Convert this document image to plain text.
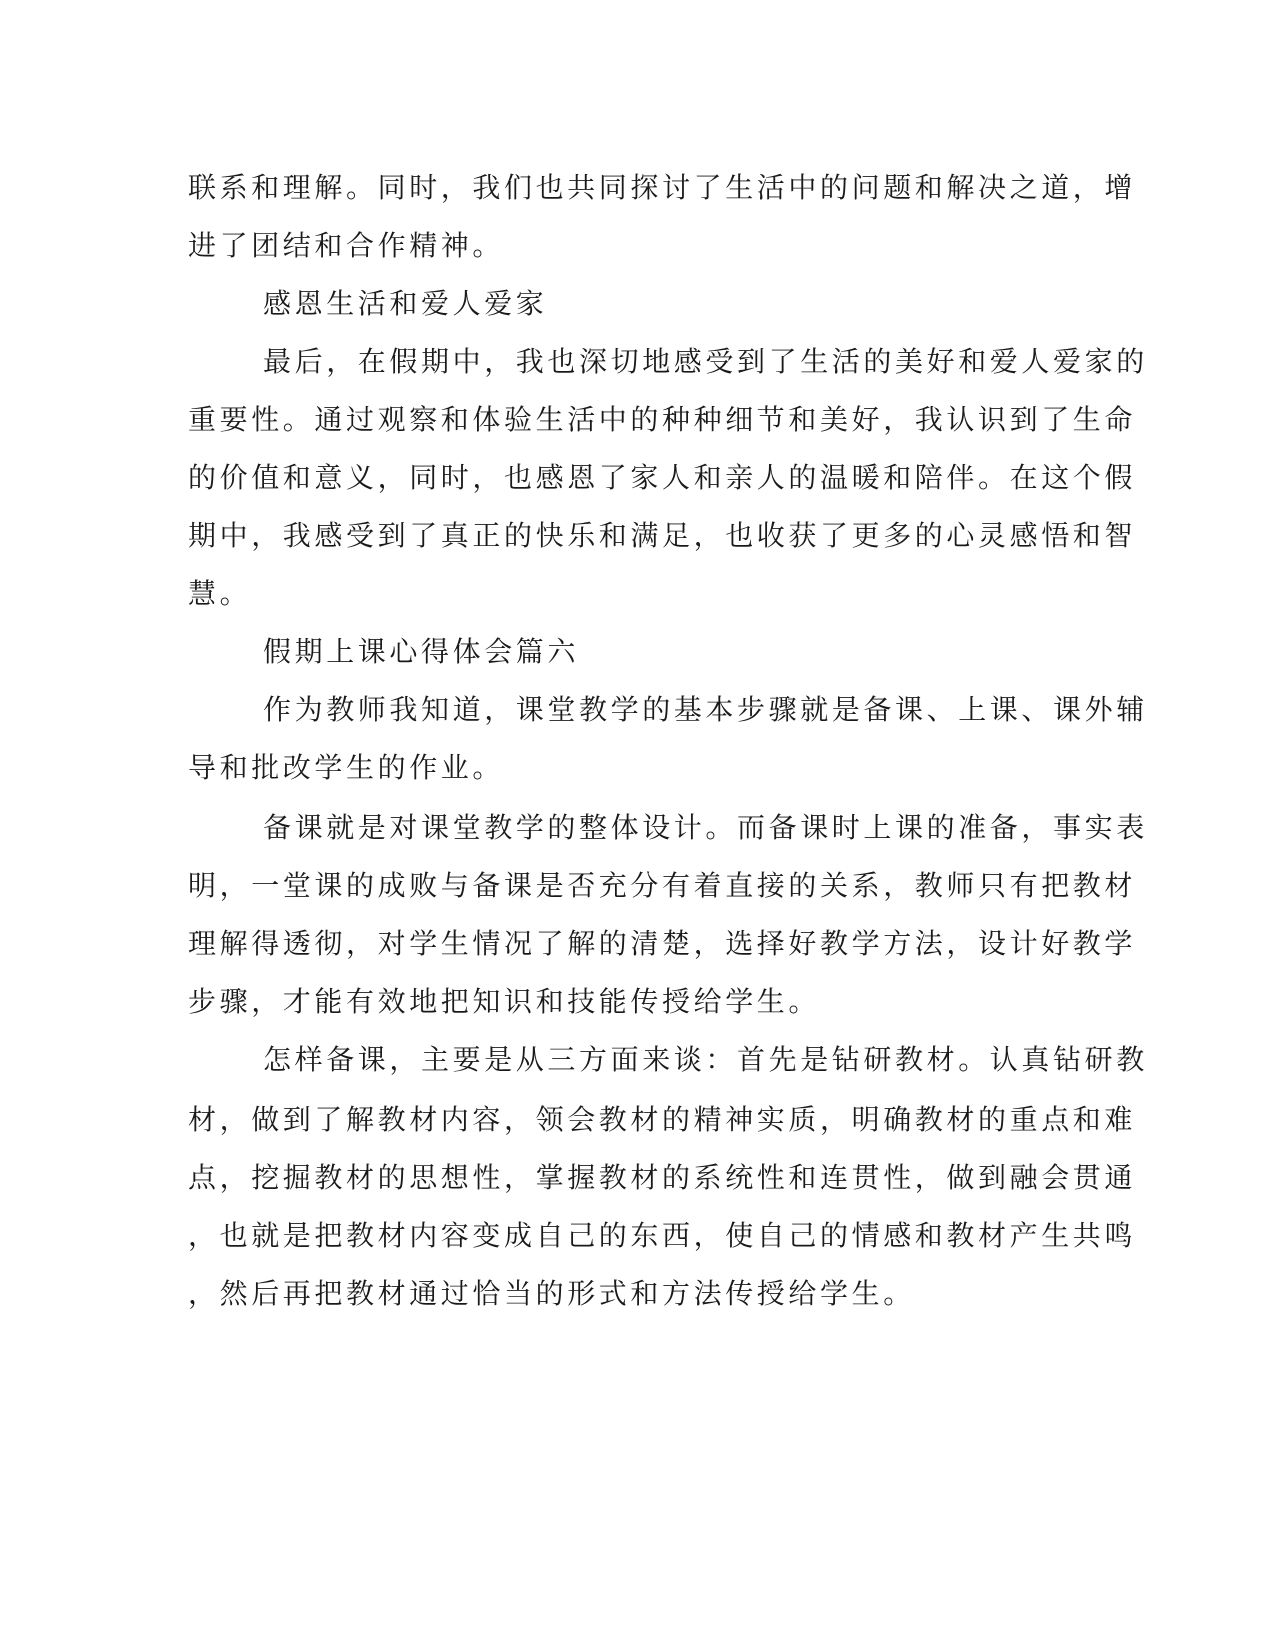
联系和理解。同时，我们也共同探讨了生活中的问题和解决之道，增
进了团结和合作精神。
感恩生活和爱人爱家
最后，在假期中，我也深切地感受到了生活的美好和爱人爱家的
重要性。通过观察和体验生活中的种种细节和美好，我认识到了生命
的价值和意义，同时，也感恩了家人和亲人的温暖和陪伴。在这个假
期中，我感受到了真正的快乐和满足，也收获了更多的心灵感悟和智
慧。
假期上课心得体会篇六
作为教师我知道，课堂教学的基本步骤就是备课、上课、课外辅
导和批改学生的作业。
备课就是对课堂教学的整体设计。而备课时上课的准备，事实表
明，一堂课的成败与备课是否充分有着直接的关系，教师只有把教材
理解得透彻，对学生情况了解的清楚，选择好教学方法，设计好教学
步骤，才能有效地把知识和技能传授给学生。
怎样备课，主要是从三方面来谈：首先是钻研教材。认真钻研教
材，做到了解教材内容，领会教材的精神实质，明确教材的重点和难
点，挖掘教材的思想性，掌握教材的系统性和连贯性，做到融会贯通
，也就是把教材内容变成自己的东西，使自己的情感和教材产生共鸣
，然后再把教材通过恰当的形式和方法传授给学生。
